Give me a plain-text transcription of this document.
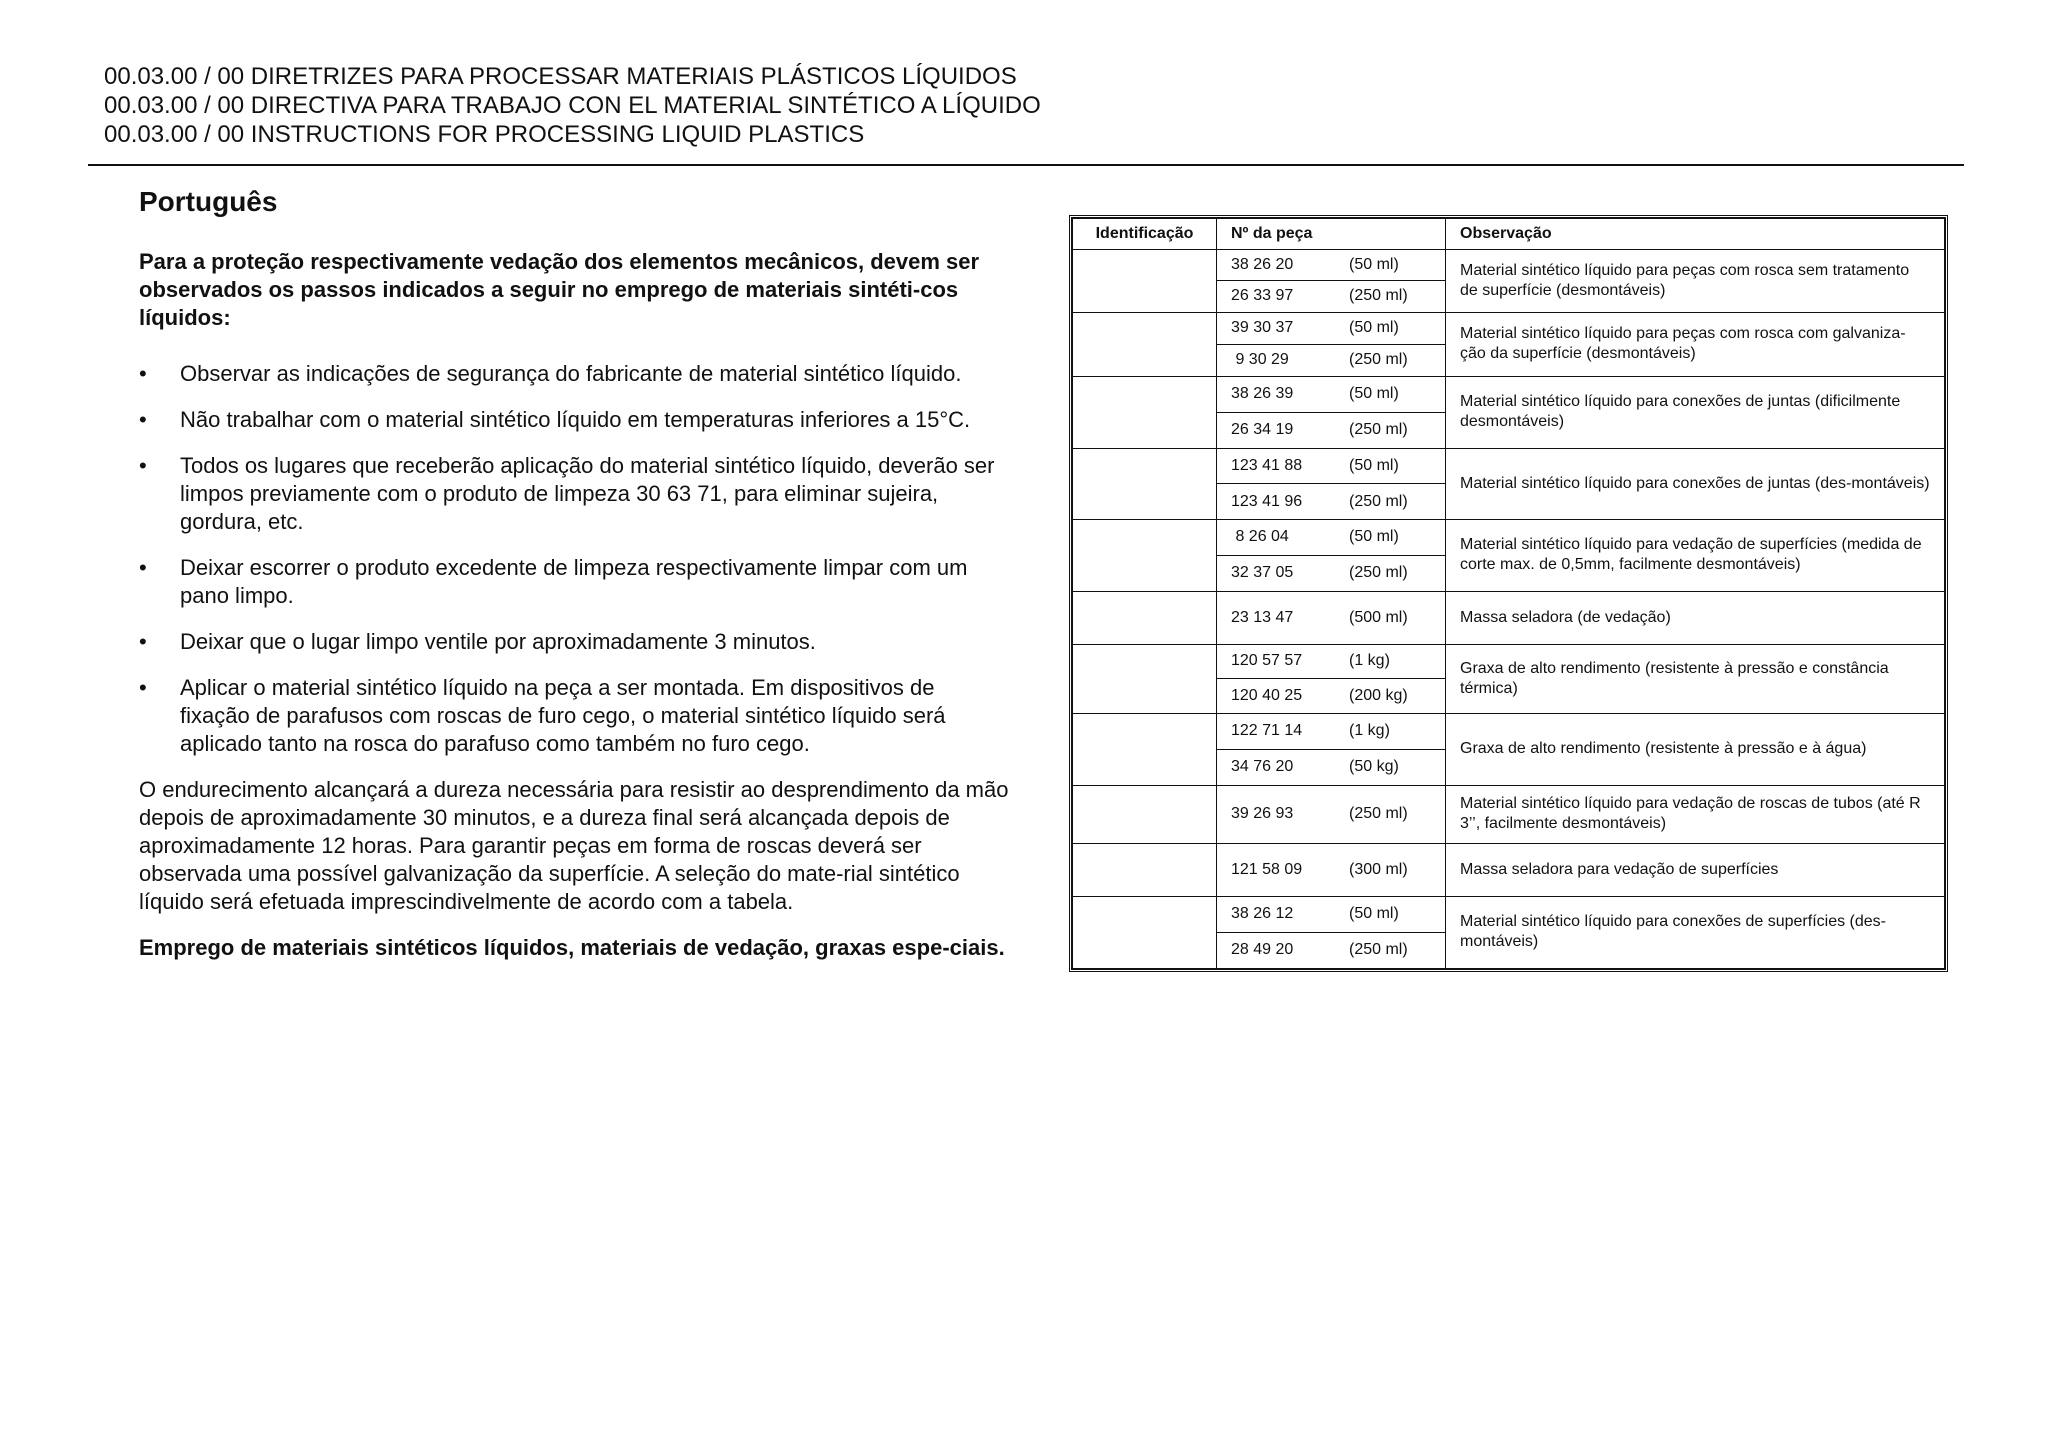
00.03.00 / 00 DIRETRIZES PARA PROCESSAR MATERIAIS PLÁSTICOS LÍQUIDOS
00.03.00 / 00 DIRECTIVA PARA TRABAJO CON EL MATERIAL SINTÉTICO A LÍQUIDO
00.03.00 / 00 INSTRUCTIONS FOR PROCESSING LIQUID PLASTICS
Português
Para a proteção respectivamente vedação dos elementos mecânicos, devem ser observados os passos indicados a seguir no emprego de materiais sintéti-cos líquidos:
• Observar as indicações de segurança do fabricante de material sintético líquido.
• Não trabalhar com o material sintético líquido em temperaturas inferiores a 15°C.
• Todos os lugares que receberão aplicação do material sintético líquido, deverão ser limpos previamente com o produto de limpeza 30 63 71, para eliminar sujeira, gordura, etc.
• Deixar escorrer o produto excedente de limpeza respectivamente limpar com um pano limpo.
• Deixar que o lugar limpo ventile por aproximadamente 3 minutos.
• Aplicar o material sintético líquido na peça a ser montada. Em dispositivos de fixação de parafusos com roscas de furo cego, o material sintético líquido será aplicado tanto na rosca do parafuso como também no furo cego.
O endurecimento alcançará a dureza necessária para resistir ao desprendimento da mão depois de aproximadamente 30 minutos, e a dureza final será alcançada depois de aproximadamente 12 horas. Para garantir peças em forma de roscas deverá ser observada uma possível galvanização da superfície. A seleção do mate-rial sintético líquido será efetuada imprescindivelmente de acordo com a tabela.
Emprego de materiais sintéticos líquidos, materiais de vedação, graxas espe-ciais.
Identificação	Nº da peça	Observação

	38 26 20 (50 ml)
26 33 97 (250 ml)	Material sintético líquido para peças com rosca sem tratamento de superfície (desmontáveis)

	39 30 37 (50 ml)
9 30 29 (250 ml)	Material sintético líquido para peças com rosca com galvaniza-ção da superfície (desmontáveis)

	38 26 39 (50 ml)
26 34 19 (250 ml)	Material sintético líquido para conexões de juntas (dificilmente desmontáveis)

	123 41 88 (50 ml)
123 41 96 (250 ml)	Material sintético líquido para conexões de juntas (des-montáveis)

	8 26 04 (50 ml)
32 37 05 (250 ml)	Material sintético líquido para vedação de superfícies (medida de corte max. de 0,5mm, facilmente desmontáveis)

	23 13 47 (500 ml)	Massa seladora (de vedação)

	120 57 57 (1 kg)
120 40 25 (200 kg)	Graxa de alto rendimento (resistente à pressão e constância térmica)

	122 71 14 (1 kg)
34 76 20 (50 kg)	Graxa de alto rendimento (resistente à pressão e à água)

	39 26 93 (250 ml)	Material sintético líquido para vedação de roscas de tubos (até R 3’’, facilmente desmontáveis)

	121 58 09 (300 ml)	Massa seladora para vedação de superfícies

	38 26 12 (50 ml)
28 49 20 (250 ml)	Material sintético líquido para conexões de superfícies (des-montáveis)
